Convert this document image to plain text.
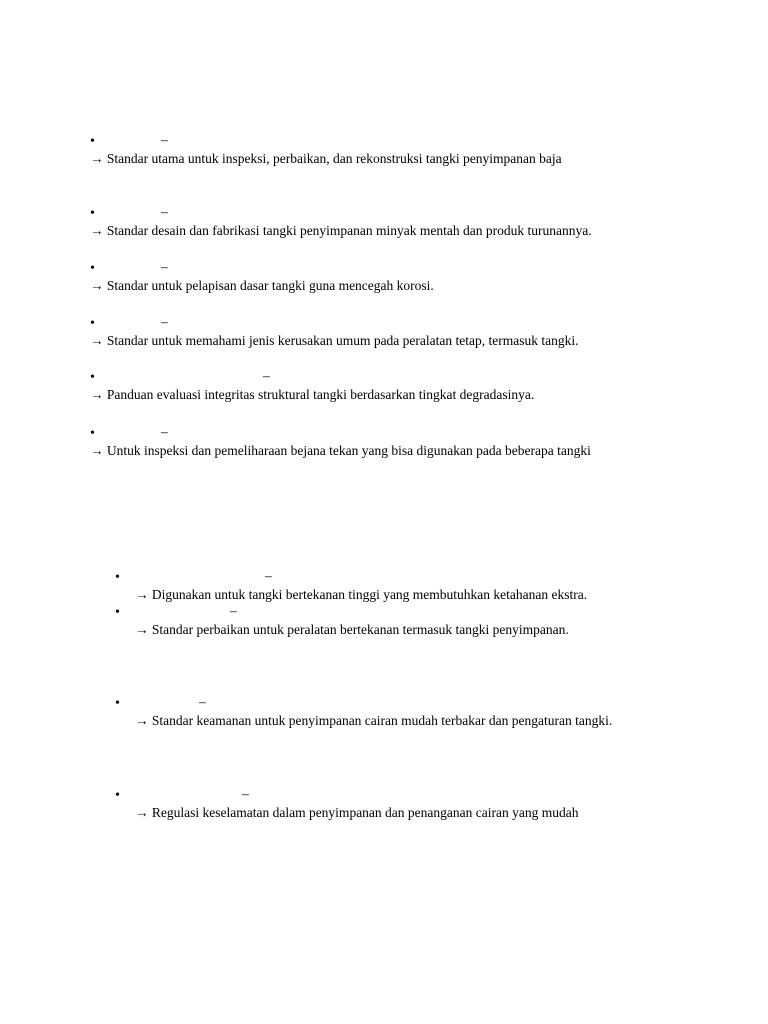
•	–
→ Standar utama untuk inspeksi, perbaikan, dan rekonstruksi tangki penyimpanan baja
•	–
→ Standar desain dan fabrikasi tangki penyimpanan minyak mentah dan produk turunannya.
•	–
→ Standar untuk pelapisan dasar tangki guna mencegah korosi.
•	–
→ Standar untuk memahami jenis kerusakan umum pada peralatan tetap, termasuk tangki.
•	–
→ Panduan evaluasi integritas struktural tangki berdasarkan tingkat degradasinya.
•	–
→ Untuk inspeksi dan pemeliharaan bejana tekan yang bisa digunakan pada beberapa tangki
•	–
→ Digunakan untuk tangki bertekanan tinggi yang membutuhkan ketahanan ekstra.
•	–
→ Standar perbaikan untuk peralatan bertekanan termasuk tangki penyimpanan.
•	–
→ Standar keamanan untuk penyimpanan cairan mudah terbakar dan pengaturan tangki.
•	–
→ Regulasi keselamatan dalam penyimpanan dan penanganan cairan yang mudah
